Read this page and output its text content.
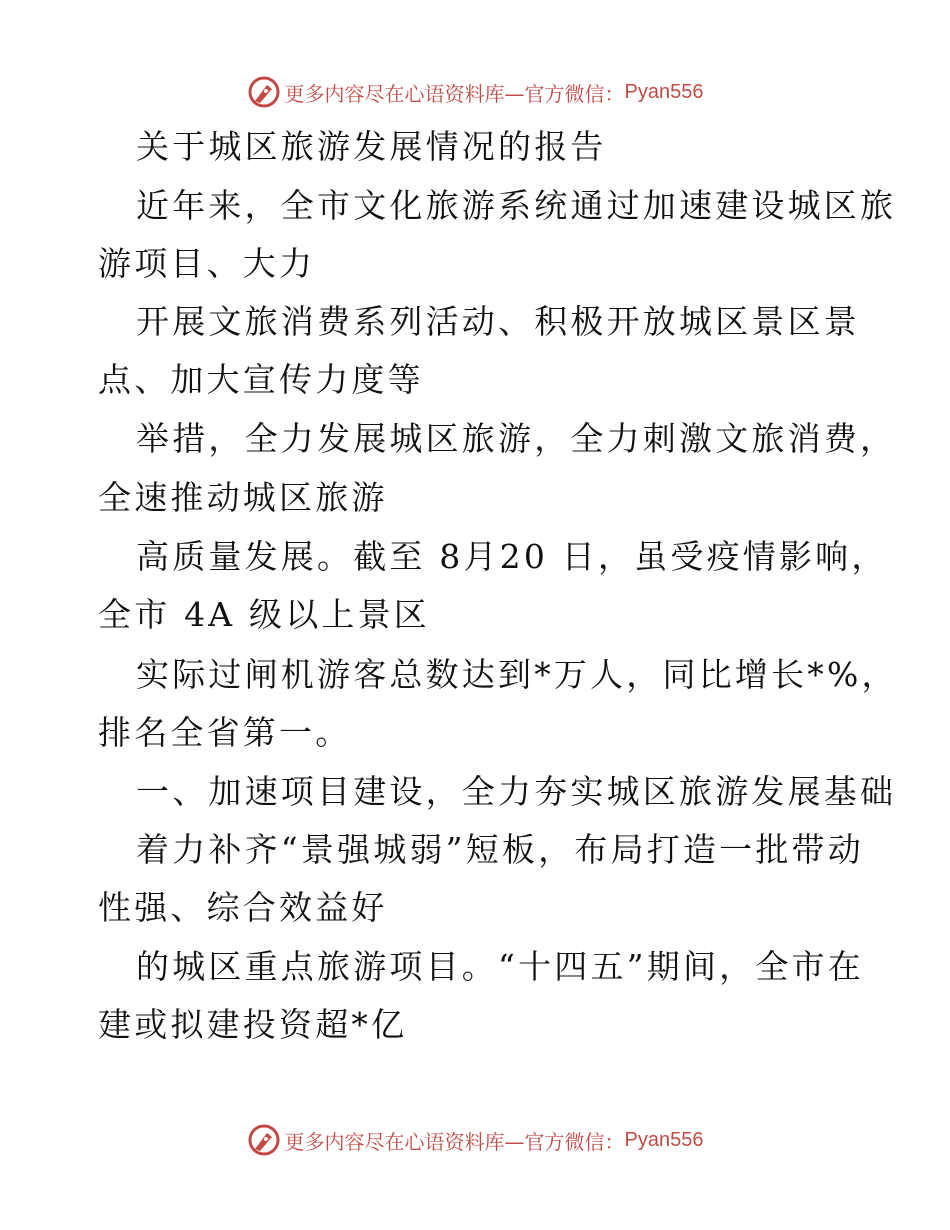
更多内容尽在心语资料库—官方微信： Pyan556
关于城区旅游发展情况的报告
近年来，全市文化旅游系统通过加速建设城区旅
游项目、大力
开展文旅消费系列活动、积极开放城区景区景
点、加大宣传力度等
举措，全力发展城区旅游，全力刺激文旅消费，
全速推动城区旅游
高质量发展。截至 8月20 日，虽受疫情影响，
全市 4A 级以上景区
实际过闸机游客总数达到*万人，同比增长*%，
排名全省第一。
一、加速项目建设，全力夯实城区旅游发展基础
着力补齐“景强城弱”短板，布局打造一批带动
性强、综合效益好
的城区重点旅游项目。“十四五”期间，全市在
建或拟建投资超*亿
更多内容尽在心语资料库—官方微信： Pyan556
